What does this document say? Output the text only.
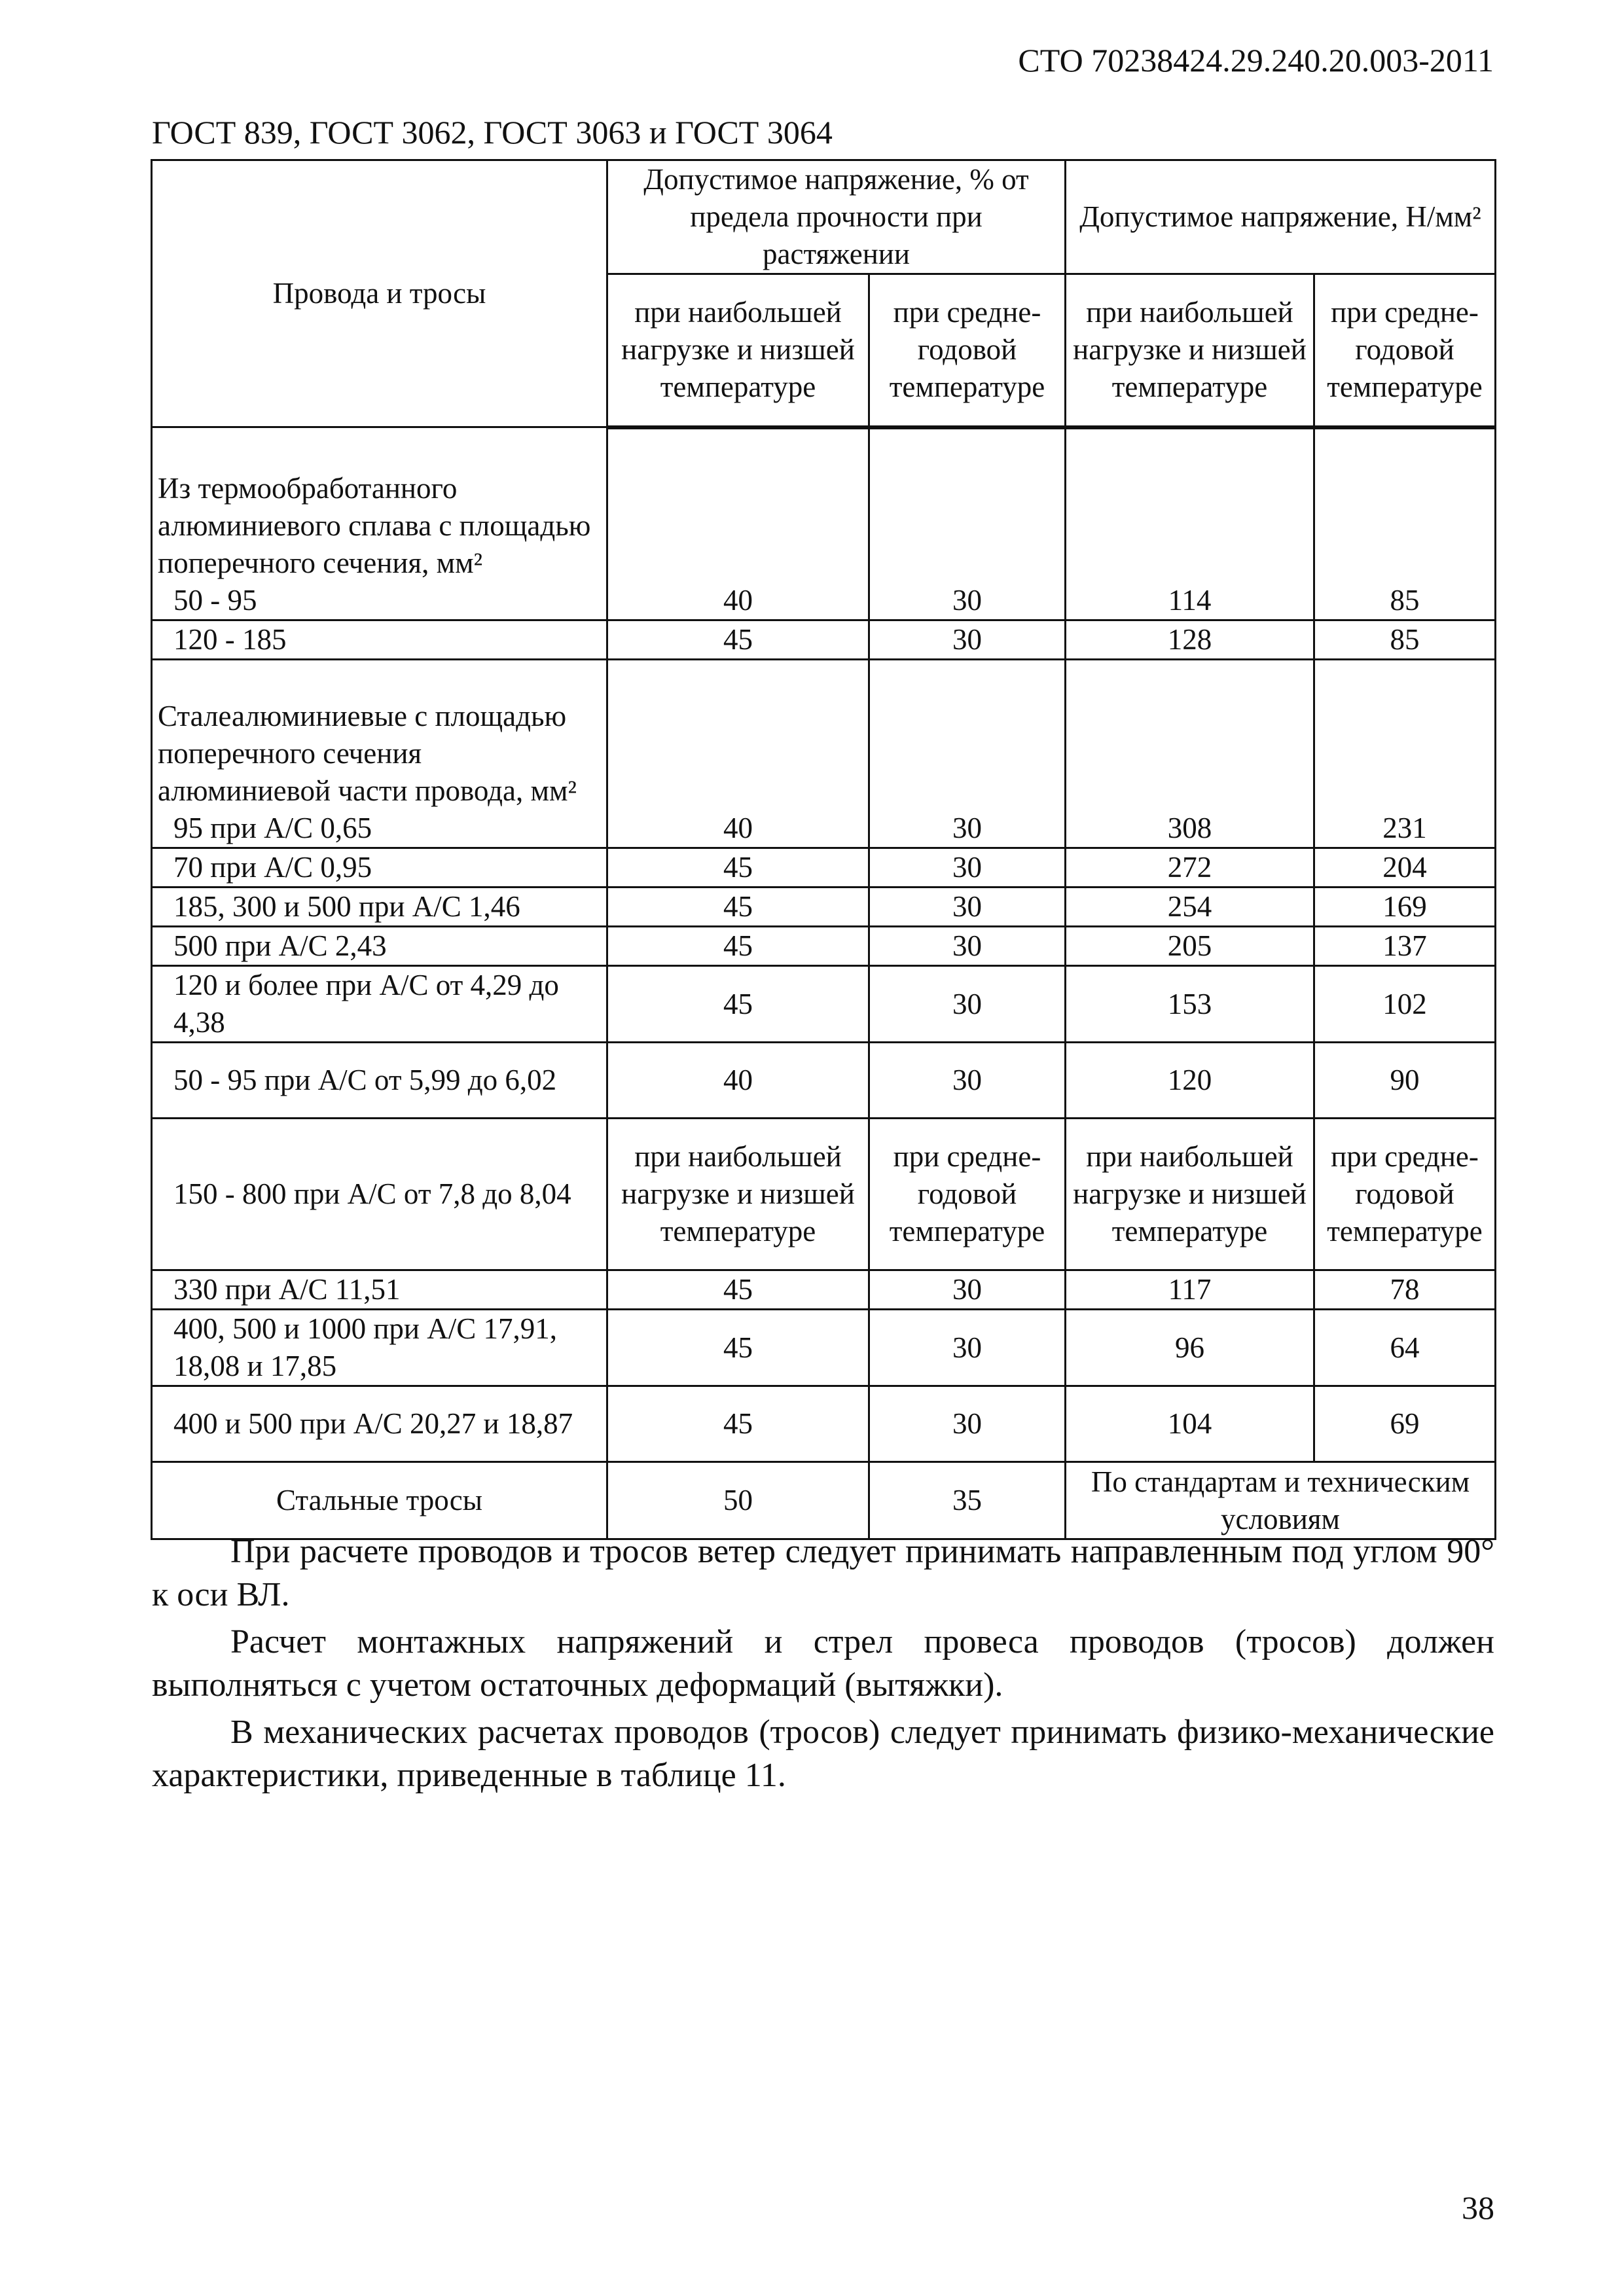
СТО 70238424.29.240.20.003-2011
ГОСТ 839, ГОСТ 3062, ГОСТ 3063 и ГОСТ 3064
Провода и тросы	Допустимое напряжение, % от предела прочности при растяжении		Допустимое напряжение, Н/мм²	
	при наибольшей нагрузке и низшей температуре	при средне-годовой температуре	при наибольшей нагрузке и низшей температуре	при средне-годовой температуре

Из термообработанного алюминиевого сплава с площадью поперечного сечения, мм²
50 - 95	40	30	114	85
120 - 185	45	30	128	85

Сталеалюминиевые с площадью поперечного сечения алюминиевой части провода, мм²
95 при А/С 0,65	40	30	308	231
70 при А/С 0,95	45	30	272	204
185, 300 и 500 при А/С 1,46	45	30	254	169
500 при А/С 2,43	45	30	205	137
120 и более при А/С от 4,29 до 4,38	45	30	153	102
50 - 95 при А/С от 5,99 до 6,02	40	30	120	90
150 - 800 при А/С от 7,8 до 8,04	при наибольшей нагрузке и низшей температуре	при средне-годовой температуре	при наибольшей нагрузке и низшей температуре	при средне-годовой температуре
330 при А/С 11,51	45	30	117	78
400, 500 и 1000 при А/С 17,91, 18,08 и 17,85	45	30	96	64
400 и 500 при А/С 20,27 и 18,87	45	30	104	69
Стальные тросы	50	35	По стандартам и техническим условиям	

При расчете проводов и тросов ветер следует принимать направленным под углом 90° к оси ВЛ.

Расчет монтажных напряжений и стрел провеса проводов (тросов) должен выполняться с учетом остаточных деформаций (вытяжки).

В механических расчетах проводов (тросов) следует принимать физико-механические характеристики, приведенные в таблице 11.

38
